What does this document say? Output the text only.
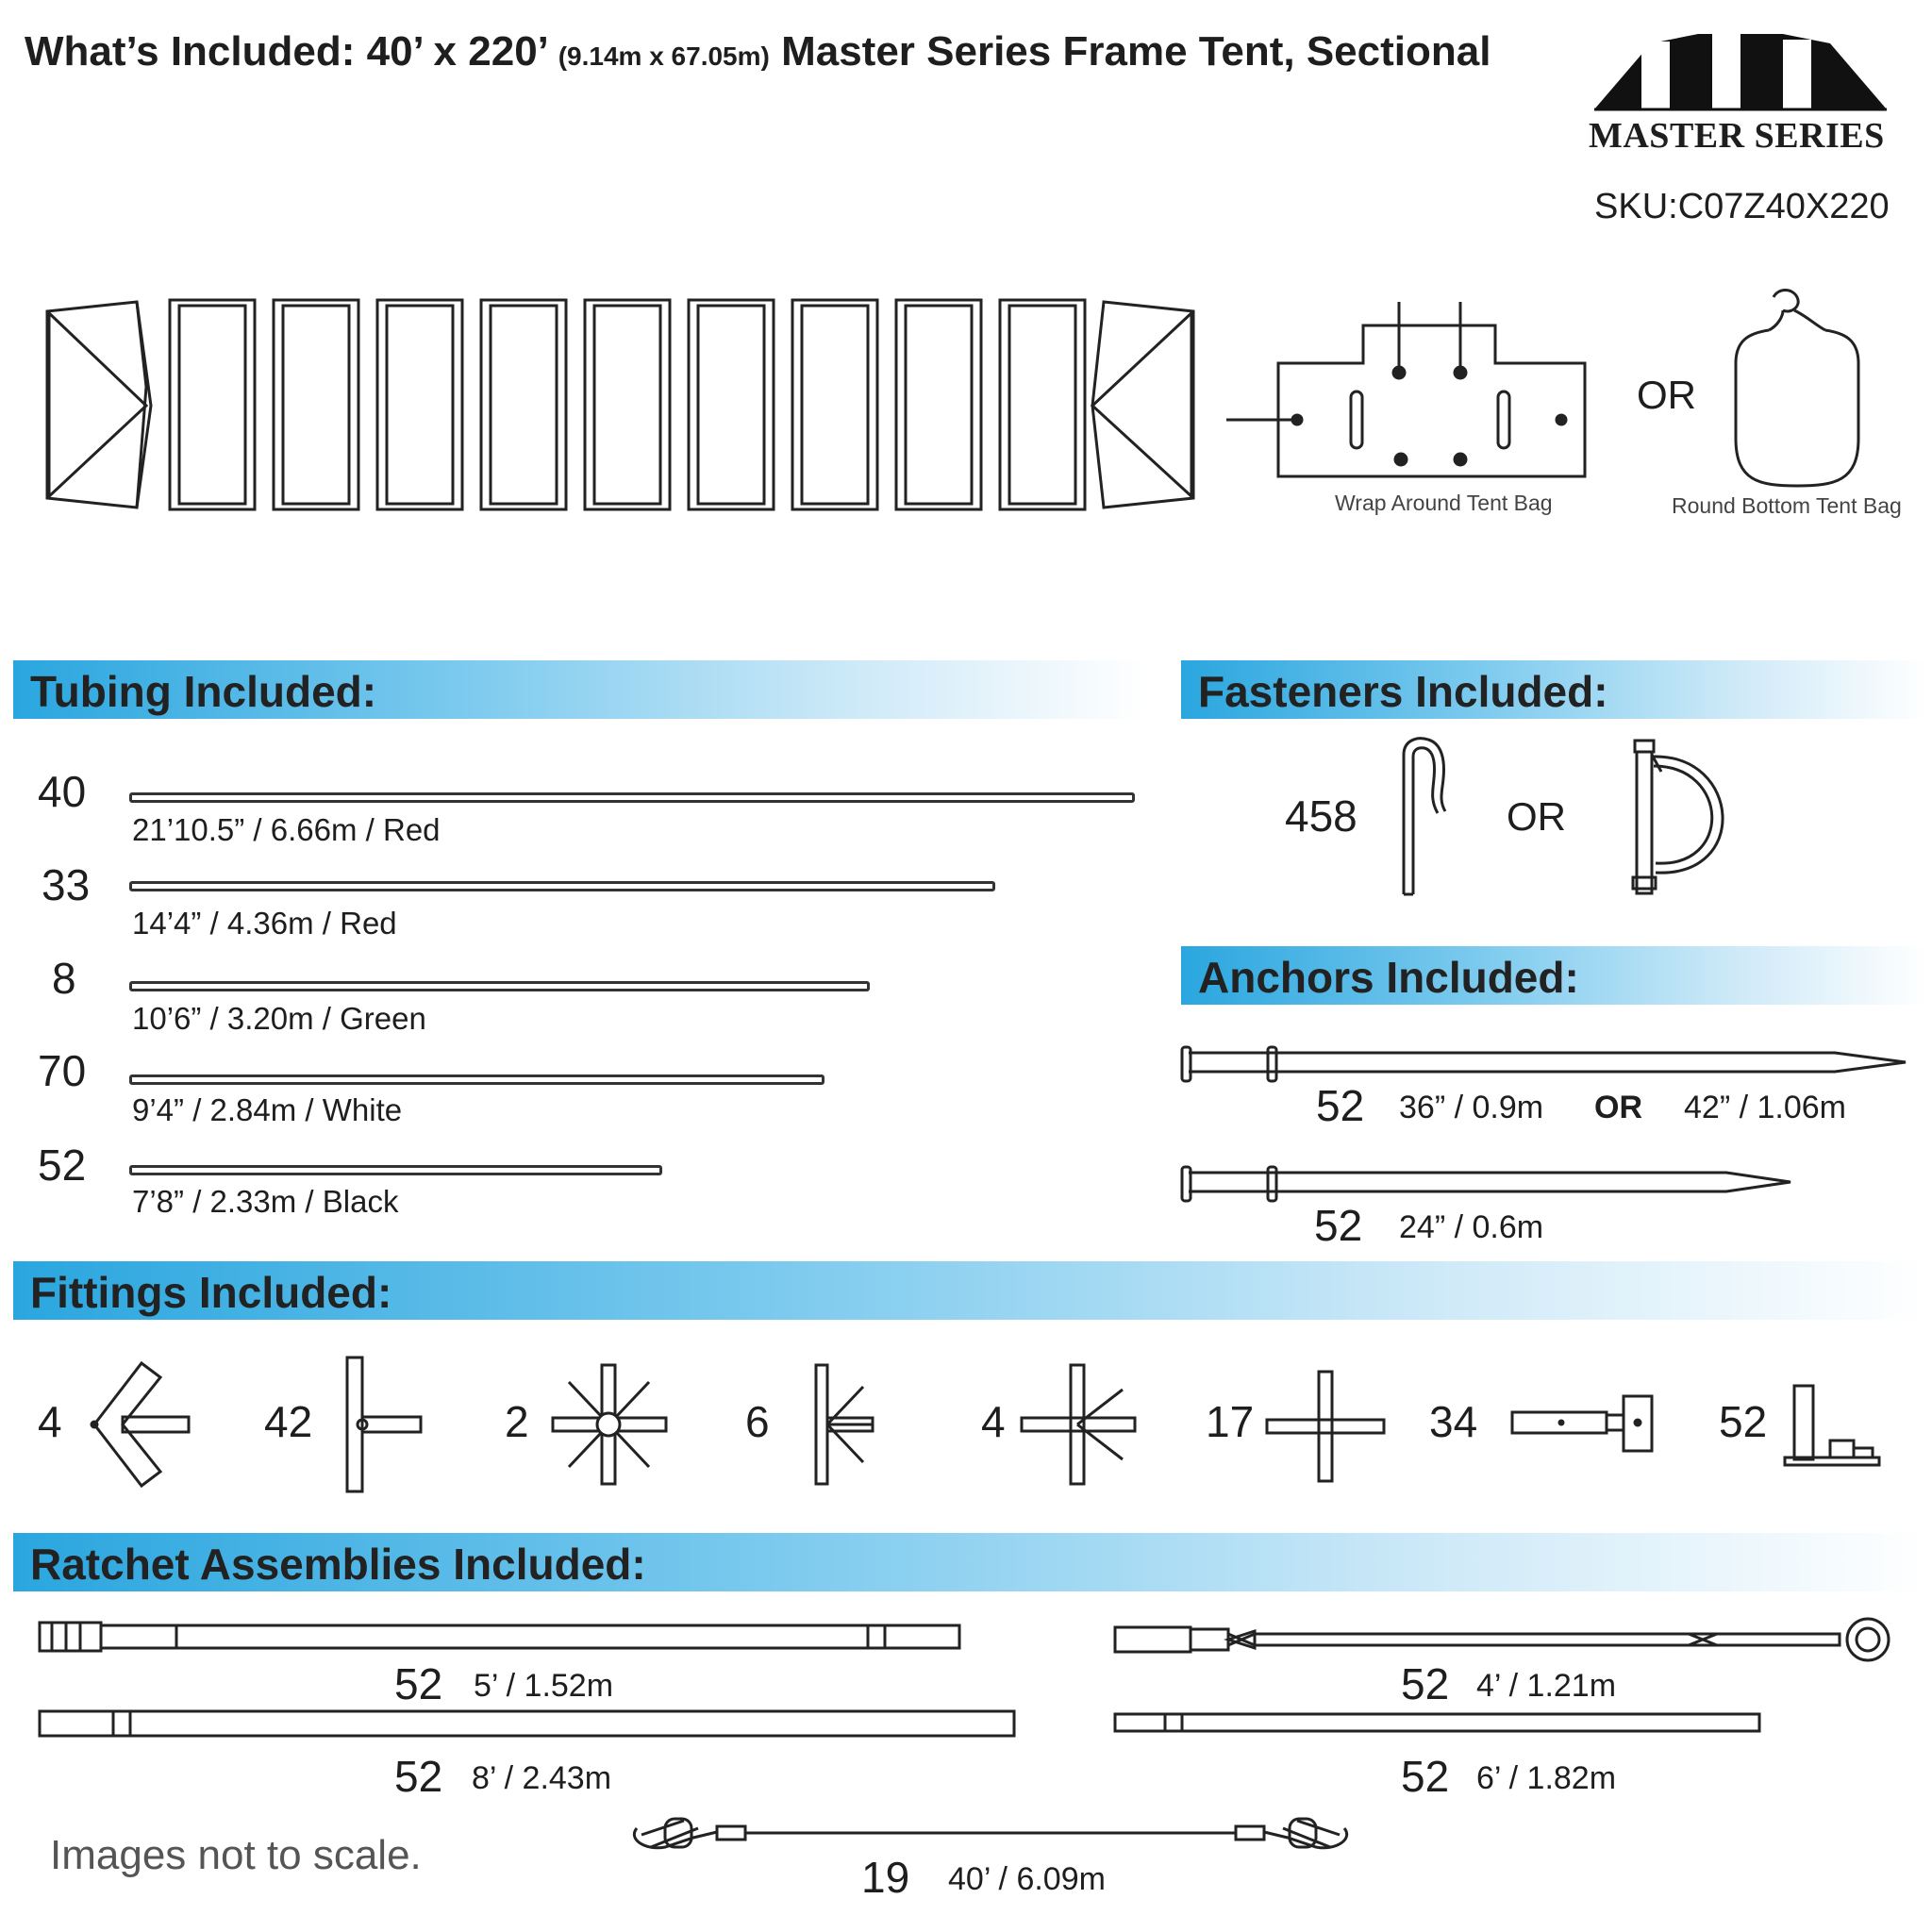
What’s Included: 40’ x 220’ (9.14m x 67.05m) Master Series Frame Tent, Sectional
MASTER SERIES
SKU:C07Z40X220
Wrap Around Tent Bag
OR
Round Bottom Tent Bag
Tubing Included:
40
21’10.5” / 6.66m / Red
33
14’4” / 4.36m / Red
8
10’6” / 3.20m / Green
70
9’4” / 2.84m / White
52
7’8” / 2.33m / Black
Fasteners Included:
458	OR
Anchors Included:
52 36” / 0.9m OR 42” / 1.06m
52 24” / 0.6m
Fittings Included:
4	42	2	6	4	17	34	52
Ratchet Assemblies Included:
52 5’ / 1.52m	52 4’ / 1.21m
52 8’ / 2.43m	52 6’ / 1.82m
19 40’ / 6.09m
Images not to scale.
